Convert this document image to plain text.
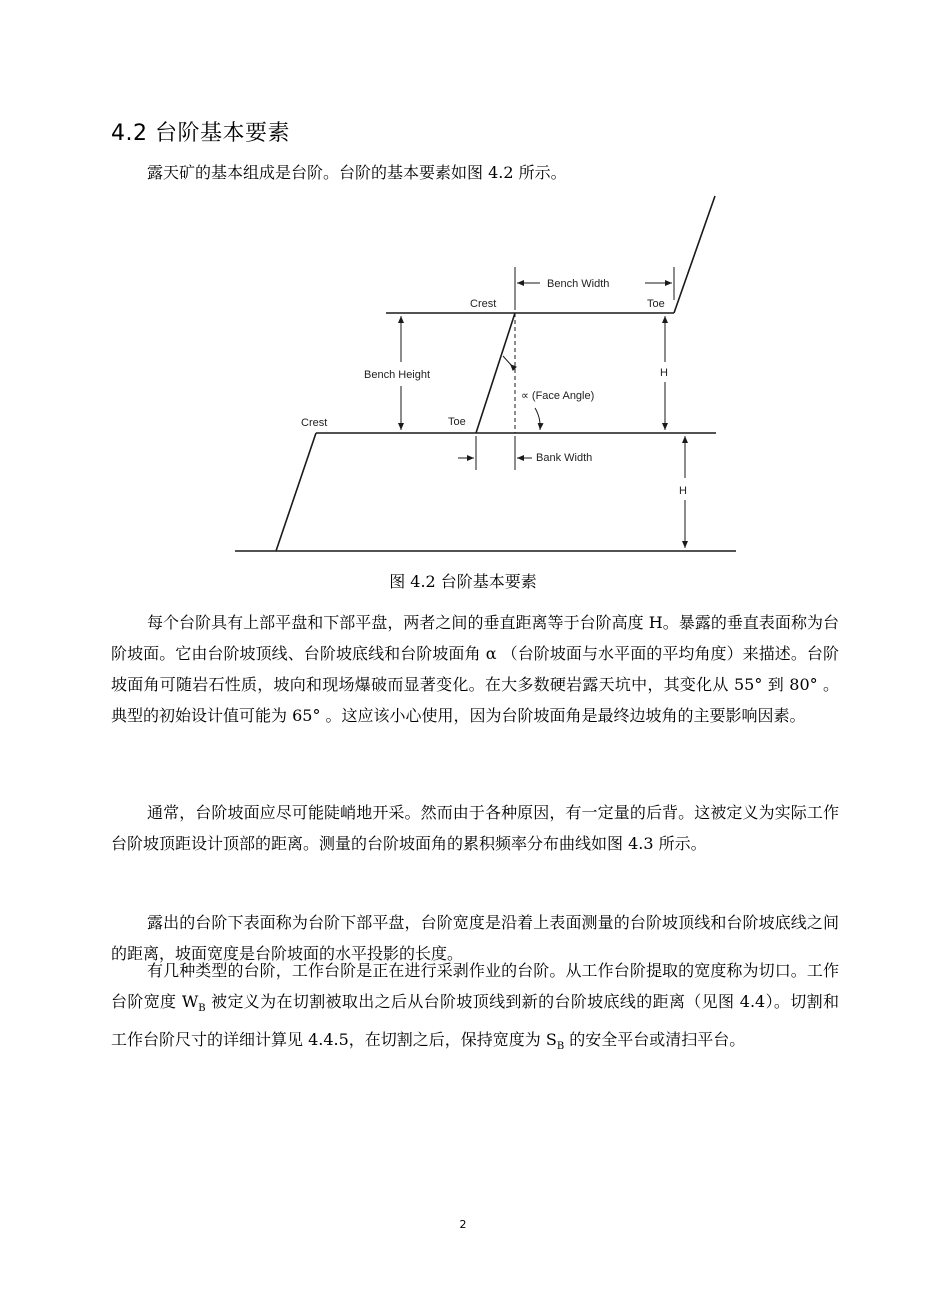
4.2 台阶基本要素
露天矿的基本组成是台阶。台阶的基本要素如图 4.2 所示。
Bench Width
Crest	Toe
Bench Height	H
∝ (Face Angle)
Crest	Toe
Bank Width
H
图 4.2 台阶基本要素
每个台阶具有上部平盘和下部平盘，两者之间的垂直距离等于台阶高度 H。暴露的垂直表面称为台阶坡面。它由台阶坡顶线、台阶坡底线和台阶坡面角 α （台阶坡面与水平面的平均角度）来描述。台阶坡面角可随岩石性质，坡向和现场爆破而显著变化。在大多数硬岩露天坑中，其变化从 55° 到 80° 。典型的初始设计值可能为 65° 。这应该小心使用，因为台阶坡面角是最终边坡角的主要影响因素。
通常，台阶坡面应尽可能陡峭地开采。然而由于各种原因，有一定量的后背。这被定义为实际工作台阶坡顶距设计顶部的距离。测量的台阶坡面角的累积频率分布曲线如图 4.3 所示。
露出的台阶下表面称为台阶下部平盘，台阶宽度是沿着上表面测量的台阶坡顶线和台阶坡底线之间的距离，坡面宽度是台阶坡面的水平投影的长度。
有几种类型的台阶，工作台阶是正在进行采剥作业的台阶。从工作台阶提取的宽度称为切口。工作台阶宽度 $W_B$ 被定义为在切割被取出之后从台阶坡顶线到新的台阶坡底线的距离（见图 4.4）。切割和工作台阶尺寸的详细计算见 4.4.5，在切割之后，保持宽度为 $S_B$ 的安全平台或清扫平台。
2
